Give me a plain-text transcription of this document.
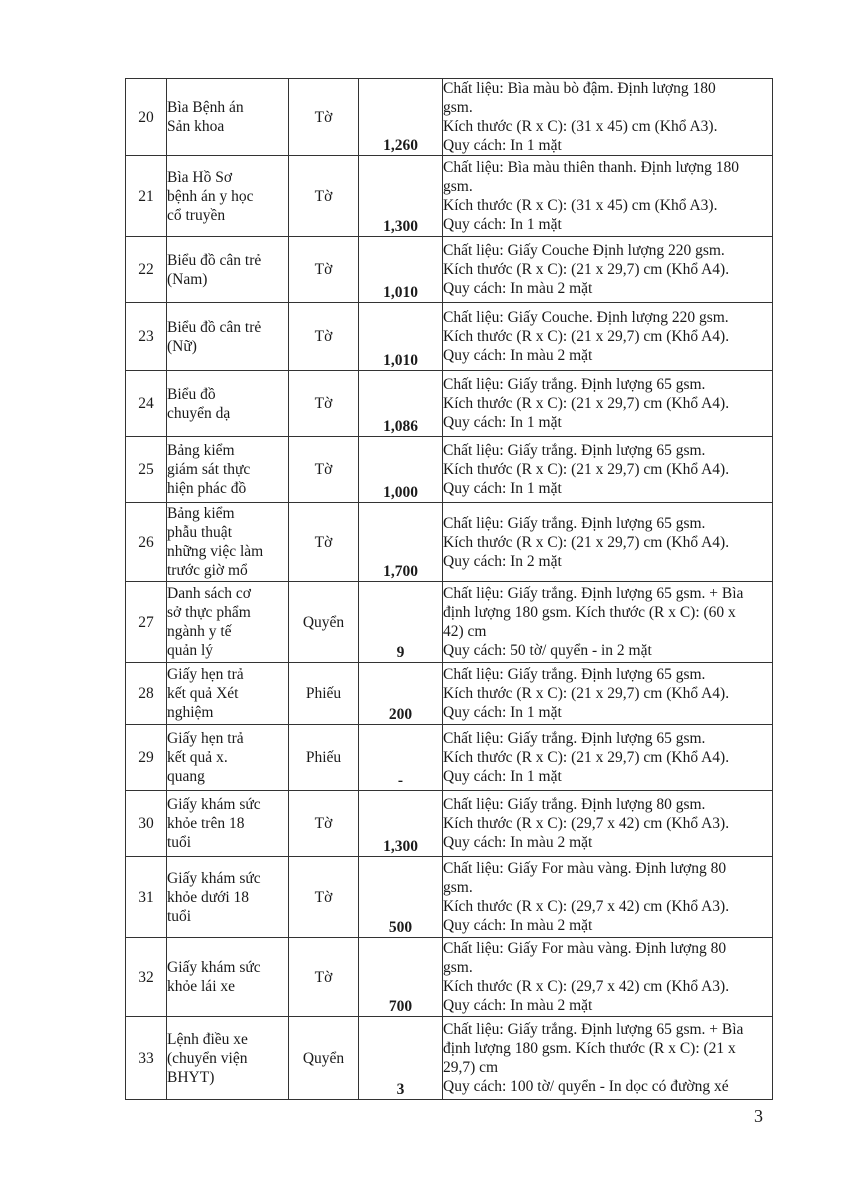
20	Bìa Bệnh án
Sản khoa	Tờ	1,260	Chất liệu: Bìa màu bò đậm. Định lượng 180
gsm.
Kích thước (R x C): (31 x 45) cm (Khổ A3).
Quy cách: In 1 mặt

21	Bìa Hồ Sơ
bệnh án y học
cổ truyền	Tờ	1,300	Chất liệu: Bìa màu thiên thanh. Định lượng 180
gsm.
Kích thước (R x C): (31 x 45) cm (Khổ A3).
Quy cách: In 1 mặt

22	Biểu đồ cân trẻ
(Nam)	Tờ	1,010	Chất liệu: Giấy Couche Định lượng 220 gsm.
Kích thước (R x C): (21 x 29,7) cm (Khổ A4).
Quy cách: In màu 2 mặt

23	Biểu đồ cân trẻ
(Nữ)	Tờ	1,010	Chất liệu: Giấy Couche. Định lượng 220 gsm.
Kích thước (R x C): (21 x 29,7) cm (Khổ A4).
Quy cách: In màu 2 mặt

24	Biểu đồ
chuyển dạ	Tờ	1,086	Chất liệu: Giấy trắng. Định lượng 65 gsm.
Kích thước (R x C): (21 x 29,7) cm (Khổ A4).
Quy cách: In 1 mặt

25	Bảng kiểm
giám sát thực
hiện phác đồ	Tờ	1,000	Chất liệu: Giấy trắng. Định lượng 65 gsm.
Kích thước (R x C): (21 x 29,7) cm (Khổ A4).
Quy cách: In 1 mặt

26	Bảng kiểm
phẫu thuật
những việc làm
trước giờ mổ	Tờ	1,700	Chất liệu: Giấy trắng. Định lượng 65 gsm.
Kích thước (R x C): (21 x 29,7) cm (Khổ A4).
Quy cách: In 2 mặt

27	Danh sách cơ
sở thực phẩm
ngành y tế
quản lý	Quyển	9	Chất liệu: Giấy trắng. Định lượng 65 gsm. + Bìa
định lượng 180 gsm. Kích thước (R x C): (60 x
42) cm
Quy cách: 50 tờ/ quyển - in 2 mặt

28	Giấy hẹn trả
kết quả Xét
nghiệm	Phiếu	200	Chất liệu: Giấy trắng. Định lượng 65 gsm.
Kích thước (R x C): (21 x 29,7) cm (Khổ A4).
Quy cách: In 1 mặt

29	Giấy hẹn trả
kết quả x.
quang	Phiếu	-	Chất liệu: Giấy trắng. Định lượng 65 gsm.
Kích thước (R x C): (21 x 29,7) cm (Khổ A4).
Quy cách: In 1 mặt

30	Giấy khám sức
khỏe trên 18
tuổi	Tờ	1,300	Chất liệu: Giấy trắng. Định lượng 80 gsm.
Kích thước (R x C): (29,7 x 42) cm (Khổ A3).
Quy cách: In màu 2 mặt

31	Giấy khám sức
khỏe dưới 18
tuổi	Tờ	500	Chất liệu: Giấy For màu vàng. Định lượng 80
gsm.
Kích thước (R x C): (29,7 x 42) cm (Khổ A3).
Quy cách: In màu 2 mặt

32	Giấy khám sức
khỏe lái xe	Tờ	700	Chất liệu: Giấy For màu vàng. Định lượng 80
gsm.
Kích thước (R x C): (29,7 x 42) cm (Khổ A3).
Quy cách: In màu 2 mặt

33	Lệnh điều xe
(chuyển viện
BHYT)	Quyển	3	Chất liệu: Giấy trắng. Định lượng 65 gsm. + Bìa
định lượng 180 gsm. Kích thước (R x C): (21 x
29,7) cm
Quy cách: 100 tờ/ quyển - In dọc có đường xé
3
